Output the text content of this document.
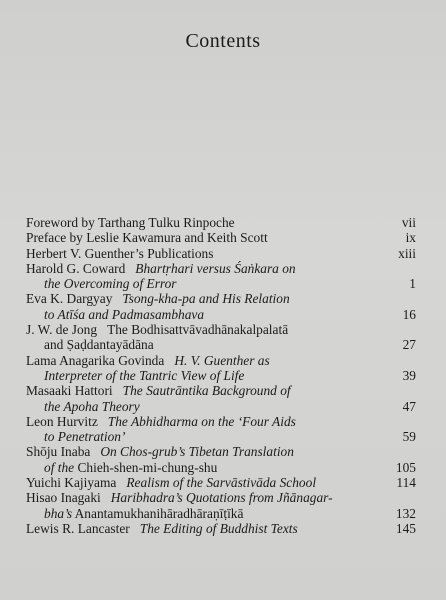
Contents
Foreword by Tarthang Tulku Rinpoche	vii
Preface by Leslie Kawamura and Keith Scott	ix
Herbert V. Guenther’s Publications	xiii
Harold G. Coward Bhartṛhari versus Śaṅkara on
the Overcoming of Error	1
Eva K. Dargyay Tsong-kha-pa and His Relation
to Atīśa and Padmasambhava	16
J. W. de Jong The Bodhisattvāvadhānakalpalatā
and Ṣaḍdantayādāna	27
Lama Anagarika Govinda H. V. Guenther as
Interpreter of the Tantric View of Life	39
Masaaki Hattori The Sautrāntika Background of
the Apoha Theory	47
Leon Hurvitz The Abhidharma on the ‘Four Aids
to Penetration’	59
Shōju Inaba On Chos-grub’s Tibetan Translation
of the Chieh-shen-mi-chung-shu	105
Yuichi Kajiyama Realism of the Sarvāstivāda School	114
Hisao Inagaki Haribhadra’s Quotations from Jñānagar-
bha’s Anantamukhanihāradhāraṇīṭīkā	132
Lewis R. Lancaster The Editing of Buddhist Texts	145
